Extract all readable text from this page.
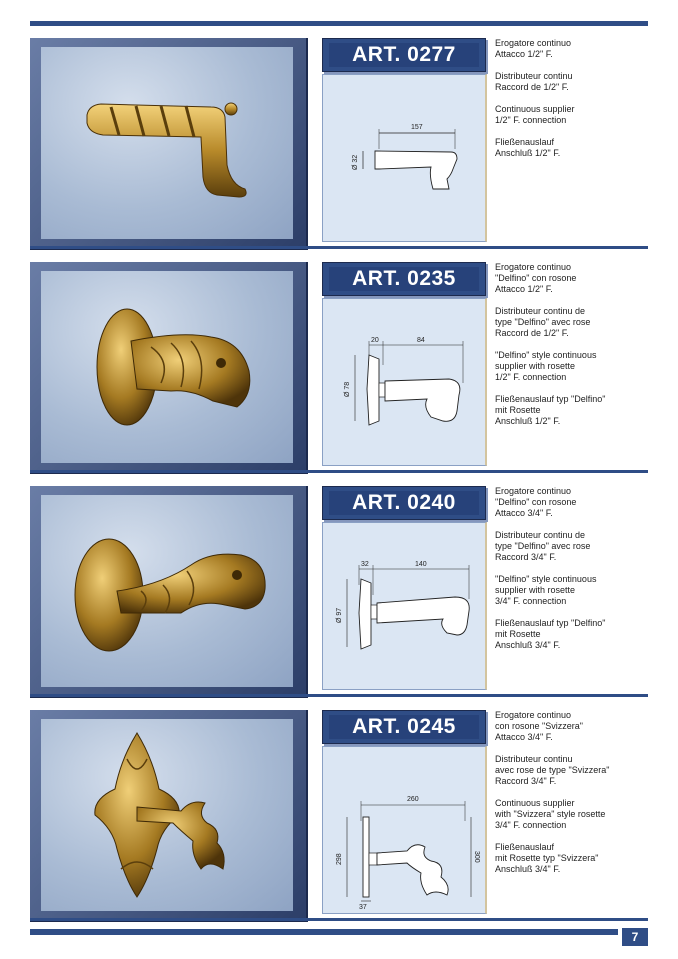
ART. 0277
157
Ø 32
Erogatore continuo
Attacco 1/2" F.
Distributeur continu
Raccord de 1/2" F.
Continuous supplier
1/2" F. connection
Fließenauslauf
Anschluß 1/2" F.
ART. 0235
20	84
Ø 78
Erogatore continuo
"Delfino" con rosone
Attacco 1/2" F.
Distributeur continu de
type "Delfino" avec rose
Raccord de 1/2" F.
"Delfino" style continuous
supplier with rosette
1/2" F. connection
Fließenauslauf typ "Delfino"
mit Rosette
Anschluß 1/2" F.
ART. 0240
32	140
Ø 97
Erogatore continuo
"Delfino" con rosone
Attacco 3/4" F.
Distributeur continu de
type "Delfino" avec rose
Raccord 3/4" F.
"Delfino" style continuous
supplier with rosette
3/4" F. connection
Fließenauslauf typ "Delfino"
mit Rosette
Anschluß 3/4" F.
ART. 0245
260
298	300
37
Erogatore continuo
con rosone "Svizzera"
Attacco 3/4" F.
Distributeur continu
avec rose de type "Svizzera"
Raccord 3/4" F.
Continuous supplier
with "Svizzera" style rosette
3/4" F. connection
Fließenauslauf
mit Rosette typ "Svizzera"
Anschluß 3/4" F.
7
